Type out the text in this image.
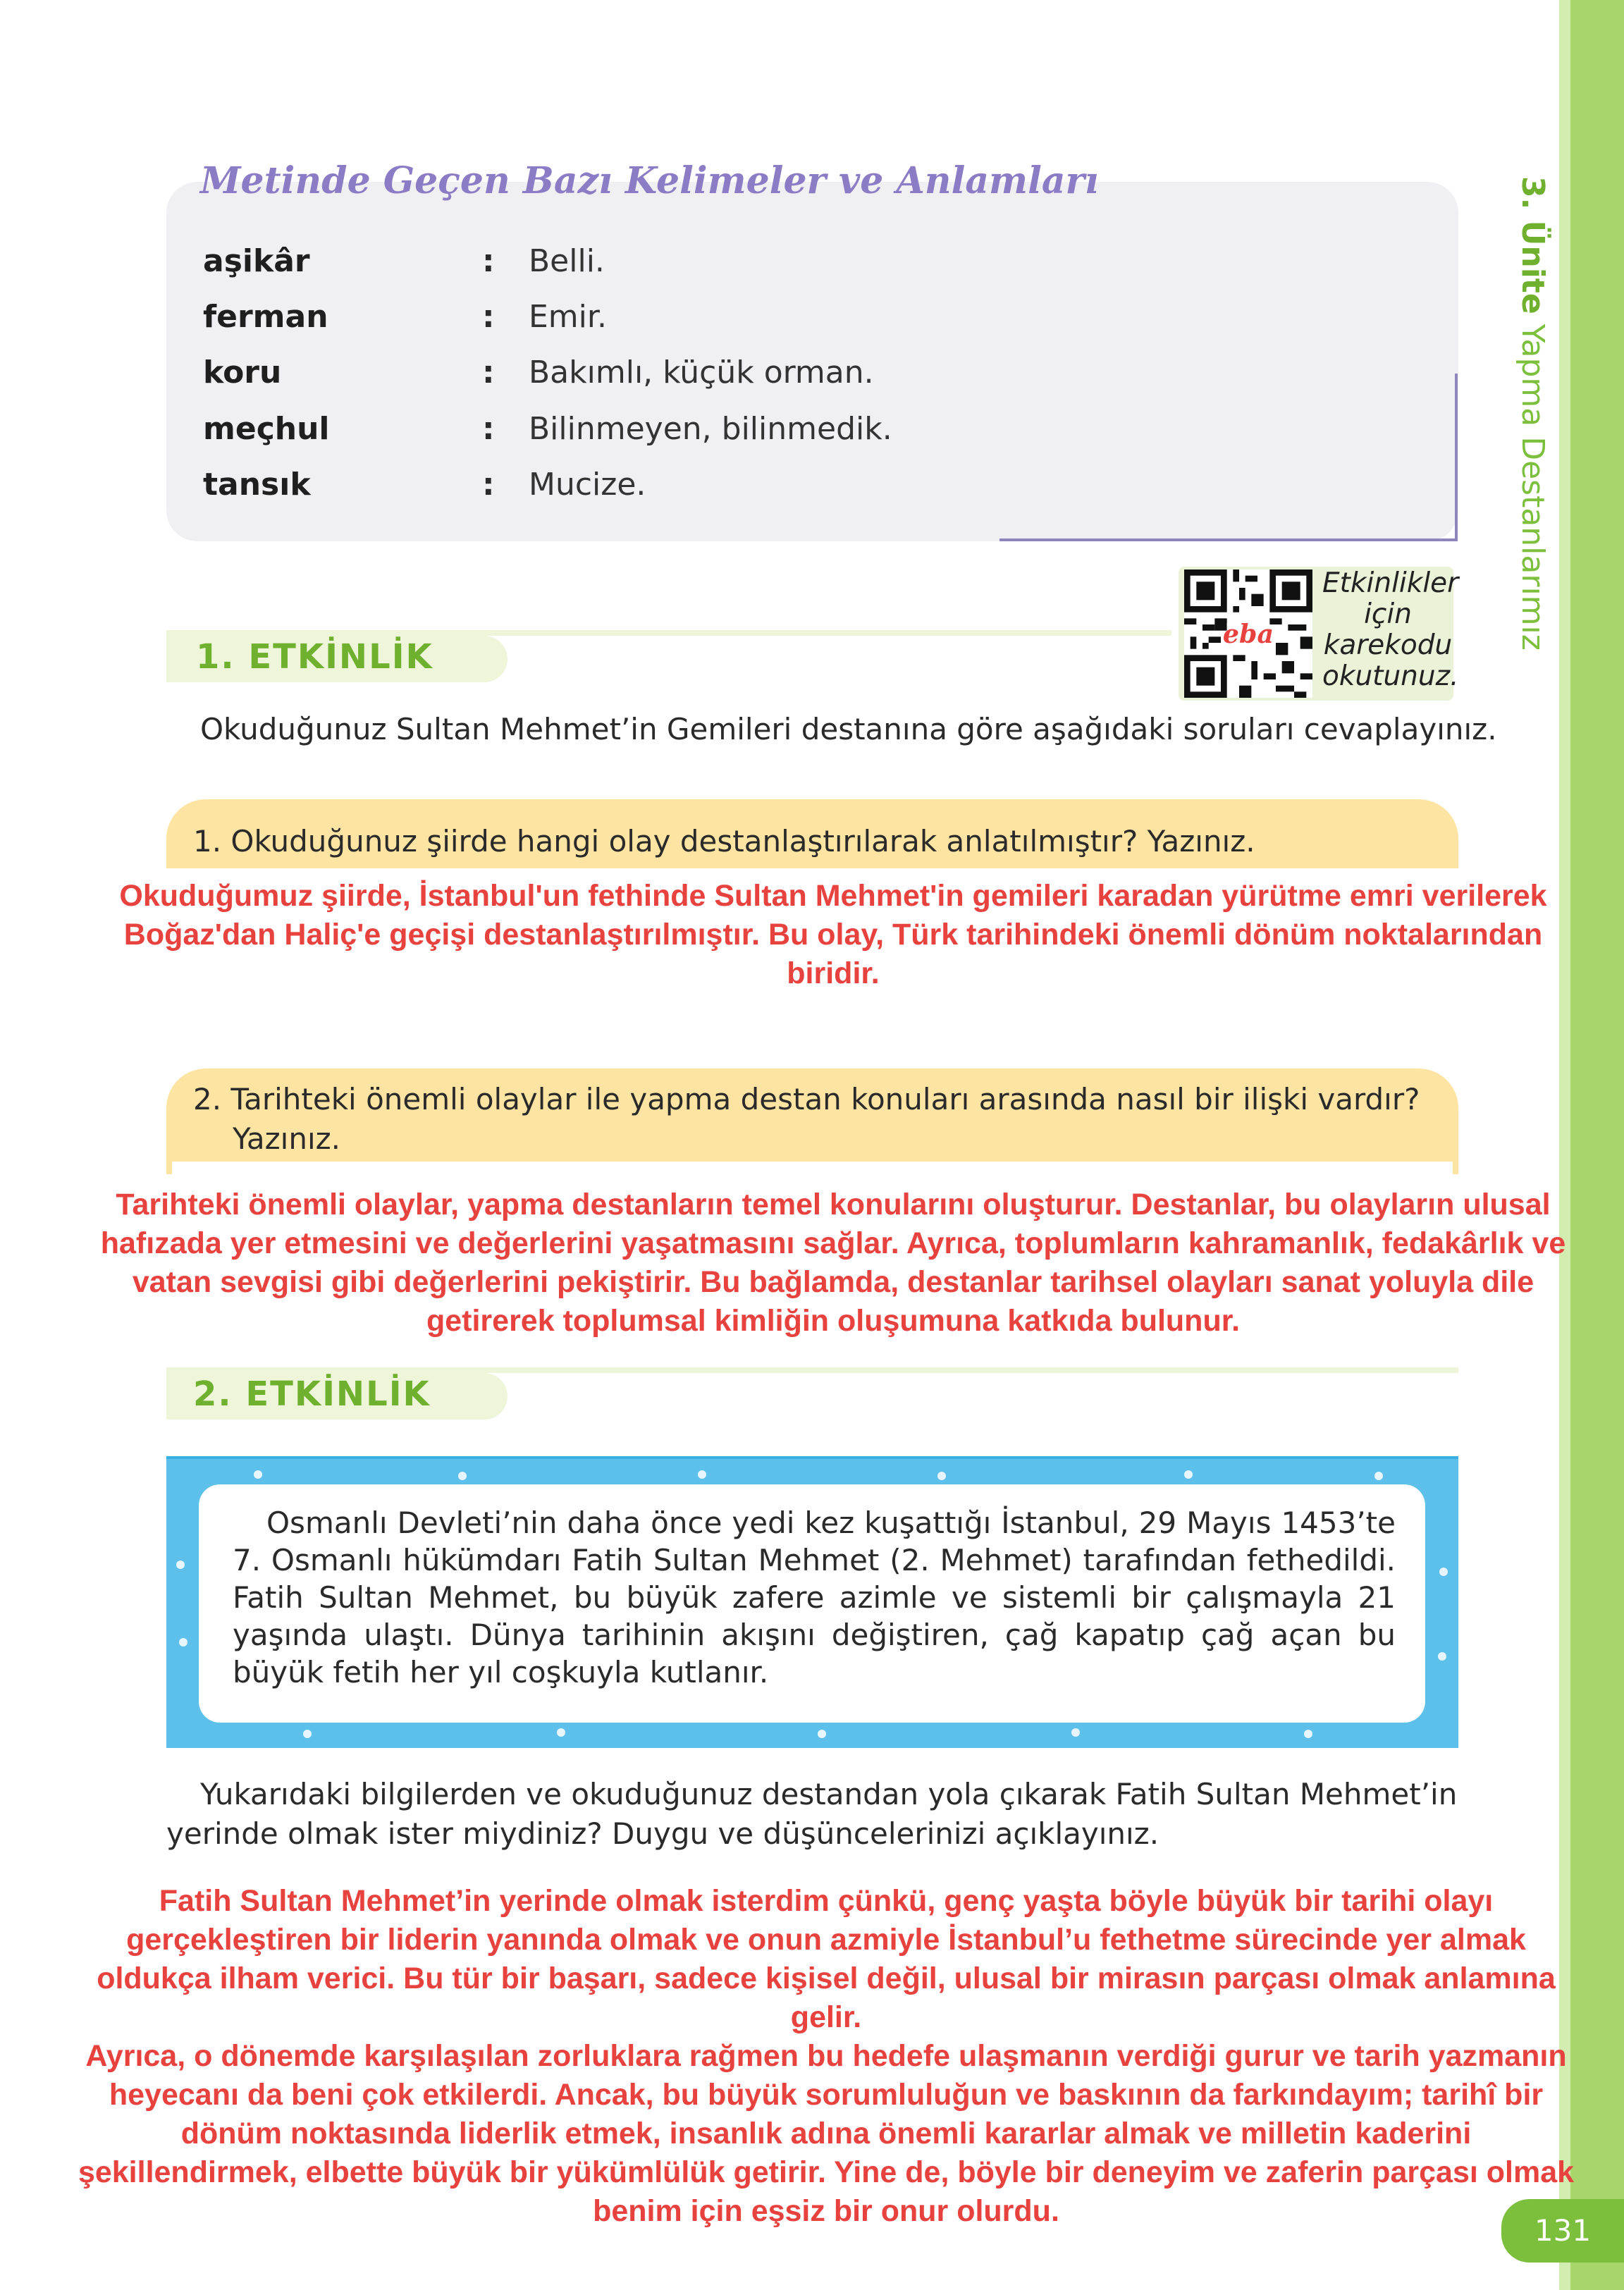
3. Ünite Yapma Destanlarımız
131
Metinde Geçen Bazı Kelimeler ve Anlamları
aşikâr	: Belli.
ferman	: Emir.
koru	: Bakımlı, küçük orman.
meçhul	: Bilinmeyen, bilinmedik.
tansık	: Mucize.
eba
Etkinlikler
için
karekodu
okutunuz.
1. ETKİNLİK
Okuduğunuz Sultan Mehmet’in Gemileri destanına göre aşağıdaki soruları cevaplayınız.
1. Okuduğunuz şiirde hangi olay destanlaştırılarak anlatılmıştır? Yazınız.
Okuduğumuz şiirde, İstanbul'un fethinde Sultan Mehmet'in gemileri karadan yürütme emri verilerek Boğaz'dan Haliç'e geçişi destanlaştırılmıştır. Bu olay, Türk tarihindeki önemli dönüm noktalarından biridir.
2. Tarihteki önemli olaylar ile yapma destan konuları arasında nasıl bir ilişki vardır?
Yazınız.
Tarihteki önemli olaylar, yapma destanların temel konularını oluşturur. Destanlar, bu olayların ulusal hafızada yer etmesini ve değerlerini yaşatmasını sağlar. Ayrıca, toplumların kahramanlık, fedakârlık ve vatan sevgisi gibi değerlerini pekiştirir. Bu bağlamda, destanlar tarihsel olayları sanat yoluyla dile getirerek toplumsal kimliğin oluşumuna katkıda bulunur.
2. ETKİNLİK
Osmanlı Devleti’nin daha önce yedi kez kuşattığı İstanbul, 29 Mayıs 1453’te 7. Osmanlı hükümdarı Fatih Sultan Mehmet (2. Mehmet) tarafından fethedildi. Fatih Sultan Mehmet, bu büyük zafere azimle ve sistemli bir çalışmayla 21 yaşında ulaştı. Dünya tarihinin akışını değiştiren, çağ kapatıp çağ açan bu büyük fetih her yıl coşkuyla kutlanır.
Yukarıdaki bilgilerden ve okuduğunuz destandan yola çıkarak Fatih Sultan Mehmet’in yerinde olmak ister miydiniz? Duygu ve düşüncelerinizi açıklayınız.
Fatih Sultan Mehmet’in yerinde olmak isterdim çünkü, genç yaşta böyle büyük bir tarihi olayı gerçekleştiren bir liderin yanında olmak ve onun azmiyle İstanbul’u fethetme sürecinde yer almak oldukça ilham verici. Bu tür bir başarı, sadece kişisel değil, ulusal bir mirasın parçası olmak anlamına gelir.
Ayrıca, o dönemde karşılaşılan zorluklara rağmen bu hedefe ulaşmanın verdiği gurur ve tarih yazmanın heyecanı da beni çok etkilerdi. Ancak, bu büyük sorumluluğun ve baskının da farkındayım; tarihî bir dönüm noktasında liderlik etmek, insanlık adına önemli kararlar almak ve milletin kaderini şekillendirmek, elbette büyük bir yükümlülük getirir. Yine de, böyle bir deneyim ve zaferin parçası olmak benim için eşsiz bir onur olurdu.
